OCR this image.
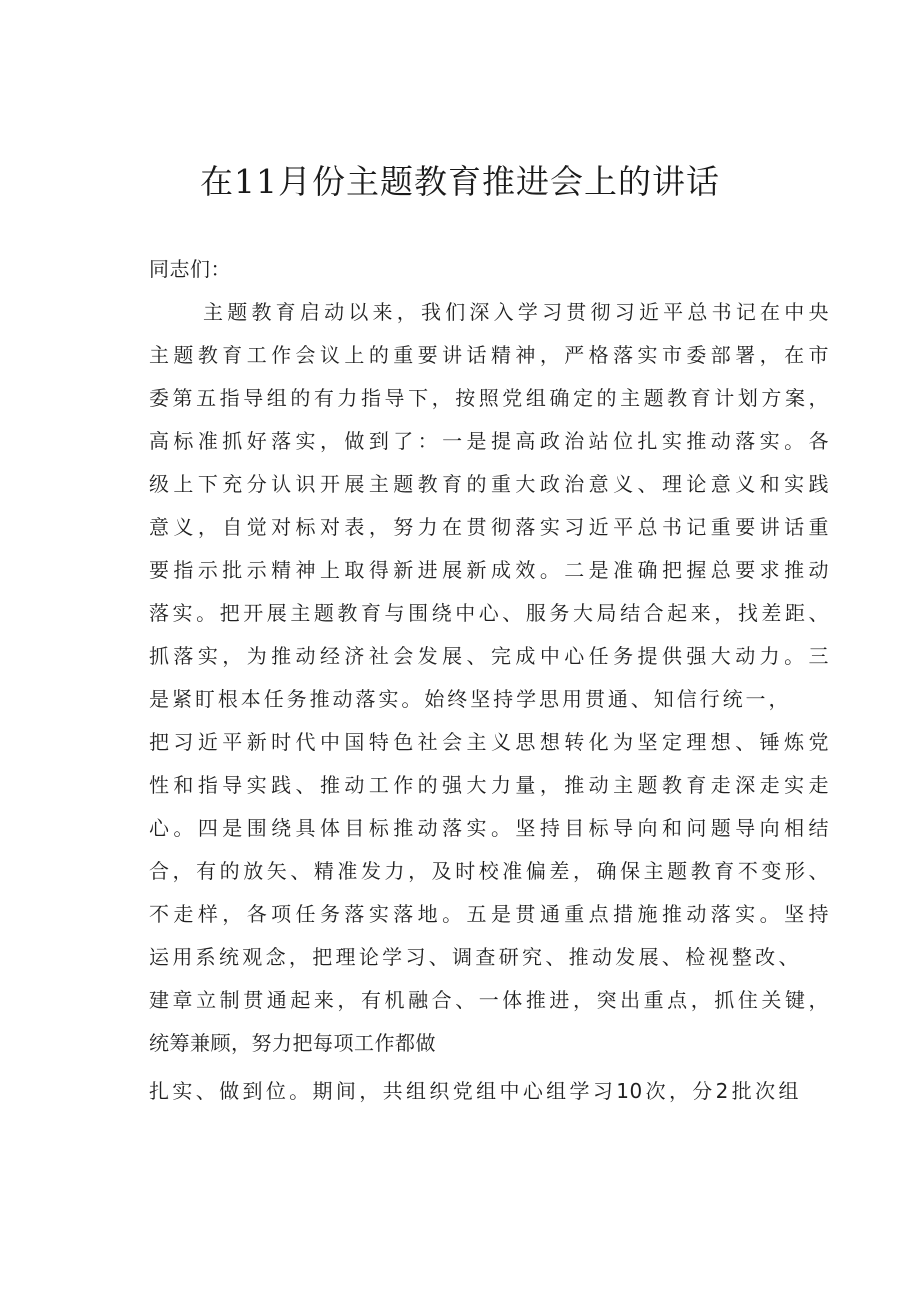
在11月份主题教育推进会上的讲话
同志们：
主题教育启动以来，我们深入学习贯彻习近平总书记在中央
主题教育工作会议上的重要讲话精神，严格落实市委部署，在市
委第五指导组的有力指导下，按照党组确定的主题教育计划方案，
高标准抓好落实，做到了：一是提高政治站位扎实推动落实。各
级上下充分认识开展主题教育的重大政治意义、理论意义和实践
意义，自觉对标对表，努力在贯彻落实习近平总书记重要讲话重
要指示批示精神上取得新进展新成效。二是准确把握总要求推动
落实。把开展主题教育与围绕中心、服务大局结合起来，找差距、
抓落实，为推动经济社会发展、完成中心任务提供强大动力。三
是紧盯根本任务推动落实。始终坚持学思用贯通、知信行统一，
把习近平新时代中国特色社会主义思想转化为坚定理想、锤炼党
性和指导实践、推动工作的强大力量，推动主题教育走深走实走
心。四是围绕具体目标推动落实。坚持目标导向和问题导向相结
合，有的放矢、精准发力，及时校准偏差，确保主题教育不变形、
不走样，各项任务落实落地。五是贯通重点措施推动落实。坚持
运用系统观念，把理论学习、调查研究、推动发展、检视整改、
建章立制贯通起来，有机融合、一体推进，突出重点，抓住关键，
统筹兼顾，努力把每项工作都做
扎实、做到位。期间，共组织党组中心组学习10次，分2批次组
